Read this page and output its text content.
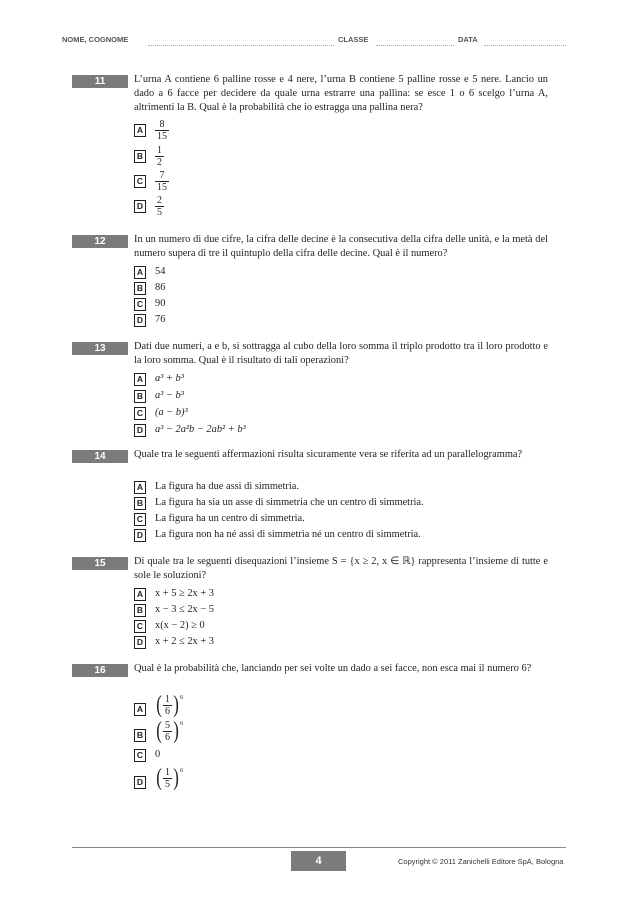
NOME, COGNOME	CLASSE	DATA
11	L’urna A contiene 6 palline rosse e 4 nere, l’urna B contiene 5 palline rosse e 5 nere. Lancio un dado a 6 facce per decidere da quale urna estrarre una pallina: se esce 1 o 6 scelgo l’urna A, altrimenti la B. Qual è la probabilità che io estragga una pallina nera?
A $\frac{8}{15}$
B $\frac{1}{2}$
C $\frac{7}{15}$
D $\frac{2}{5}$
12	In un numero di due cifre, la cifra delle decine è la consecutiva della cifra delle unità, e la metà del numero supera di tre il quintuplo della cifra delle decine. Qual è il numero?
A 54
B 86
C 90
D 76
13	Dati due numeri, a e b, si sottragga al cubo della loro somma il triplo prodotto tra il loro prodotto e la loro somma. Qual è il risultato di tali operazioni?
A a³ + b³
B a³ − b³
C (a − b)³
D a³ − 2a²b − 2ab² + b³
14	Quale tra le seguenti affermazioni risulta sicuramente vera se riferita ad un parallelogramma?
A La figura ha due assi di simmetria.
B La figura ha sia un asse di simmetria che un centro di simmetria.
C La figura ha un centro di simmetria.
D La figura non ha né assi di simmetria né un centro di simmetria.
15	Di quale tra le seguenti disequazioni l’insieme S = {x ≥ 2, x ∈ ℝ} rappresenta l’insieme di tutte e sole le soluzioni?
A x + 5 ≥ 2x + 3
B x − 3 ≤ 2x − 5
C x(x − 2) ≥ 0
D x + 2 ≤ 2x + 3
16	Qual è la probabilità che, lanciando per sei volte un dado a sei facce, non esca mai il numero 6?
A ( $\frac{1}{6} )^6$
B ( $\frac{5}{6} )^6$
C 0
D ( $\frac{1}{5} )^6$
4	Copyright © 2011 Zanichelli Editore SpA, Bologna
